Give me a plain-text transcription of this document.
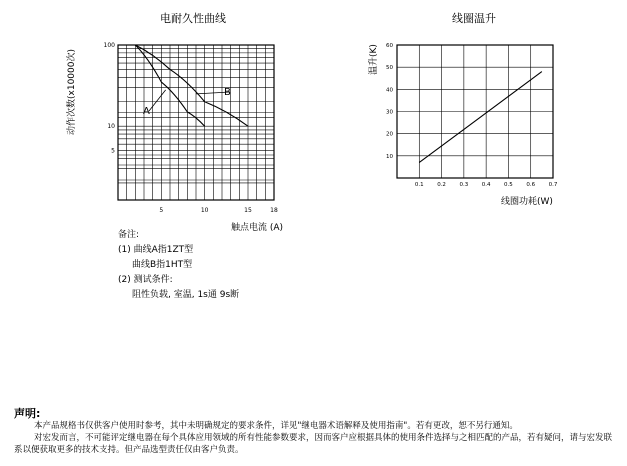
电耐久性曲线	线圈温升
5	10	15	18
100
10
5
A
B
0.1 0.2 0.3 0.4 0.5 0.6 0.7
60
50
40
30
20
10
动作次数(x10000次)	温升(K)
触点电流 (A)
线圈功耗(W)
备注:
(1) 曲线A指1ZT型
曲线B指1HT型
(2) 测试条件:
阻性负载, 室温, 1s通 9s断
声明:

本产品规格书仅供客户使用时参考，其中未明确规定的要求条件，详见"继电器术语解释及使用指南"。若有更改，恕不另行通知。

对宏发而言，不可能评定继电器在每个具体应用领域的所有性能参数要求，因而客户应根据具体的使用条件选择与之相匹配的产品，若有疑问，请与宏发联系以便获取更多的技术支持。但产品选型责任仅由客户负责。
